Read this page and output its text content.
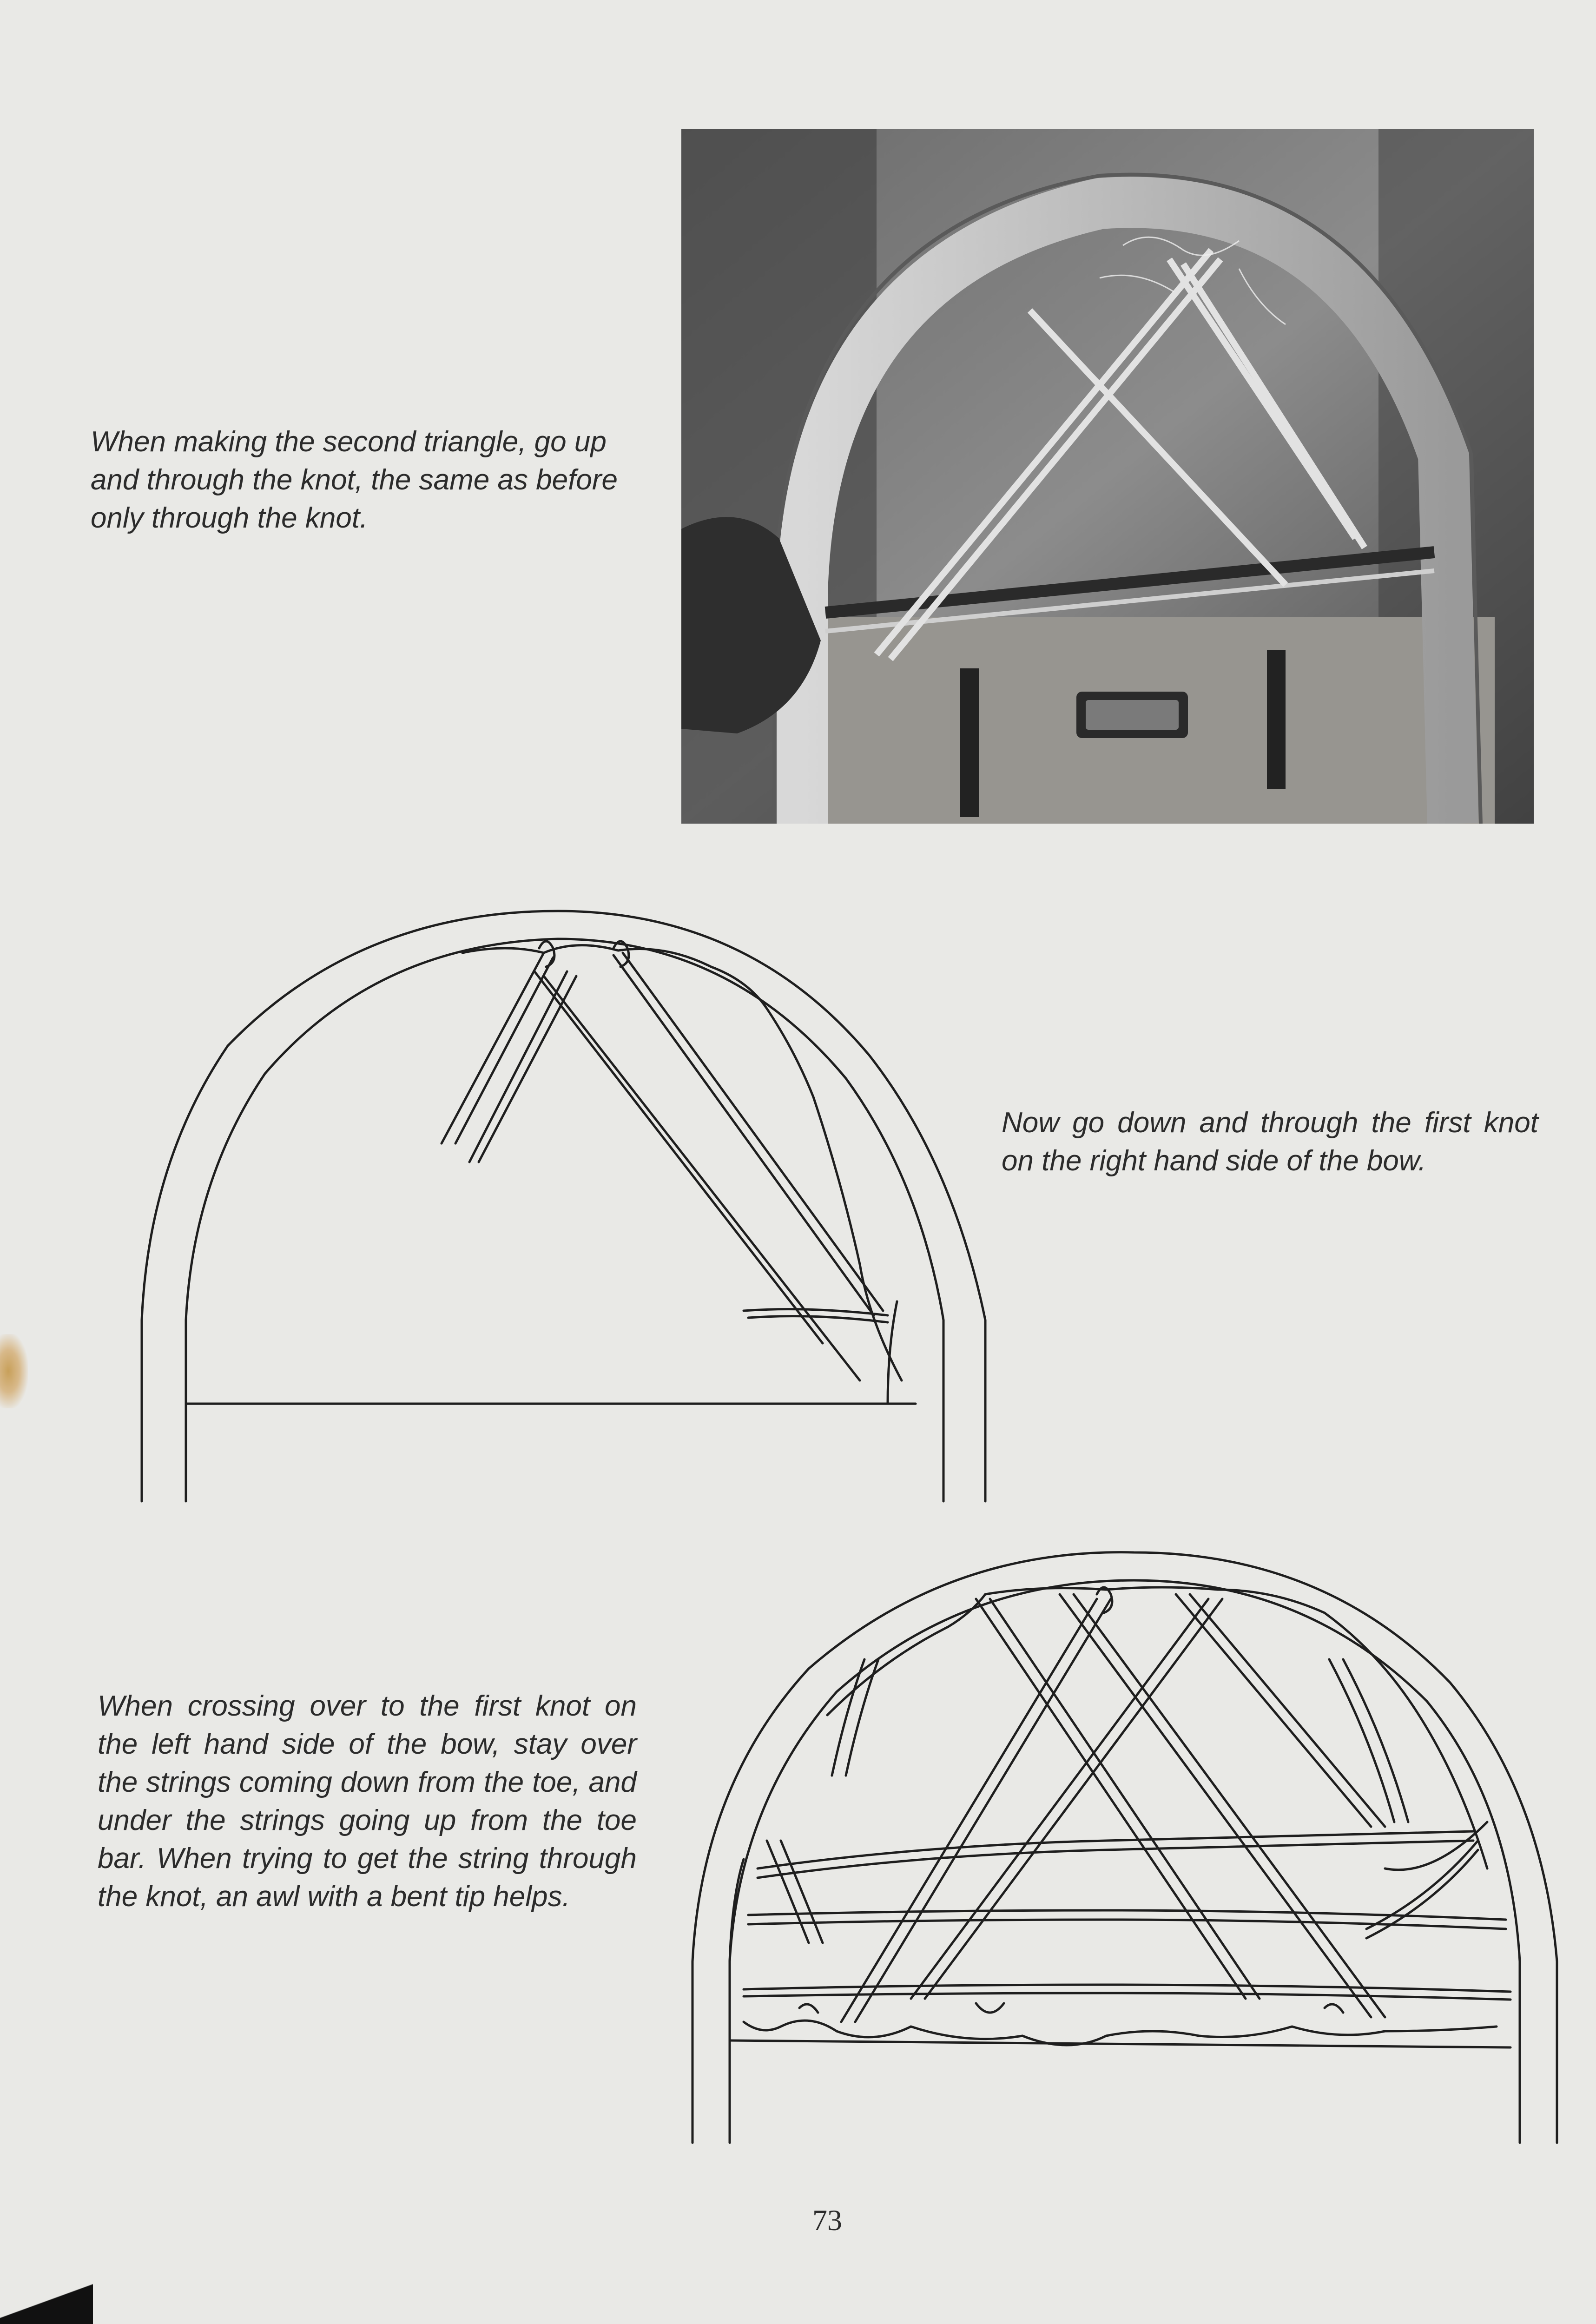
When making the second triangle, go up and through the knot, the same as before only through the knot.

Now go down and through the first knot on the right hand side of the bow.

When crossing over to the first knot on the left hand side of the bow, stay over the strings coming down from the toe, and under the strings going up from the toe bar. When trying to get the string through the knot, an awl with a bent tip helps.

73
